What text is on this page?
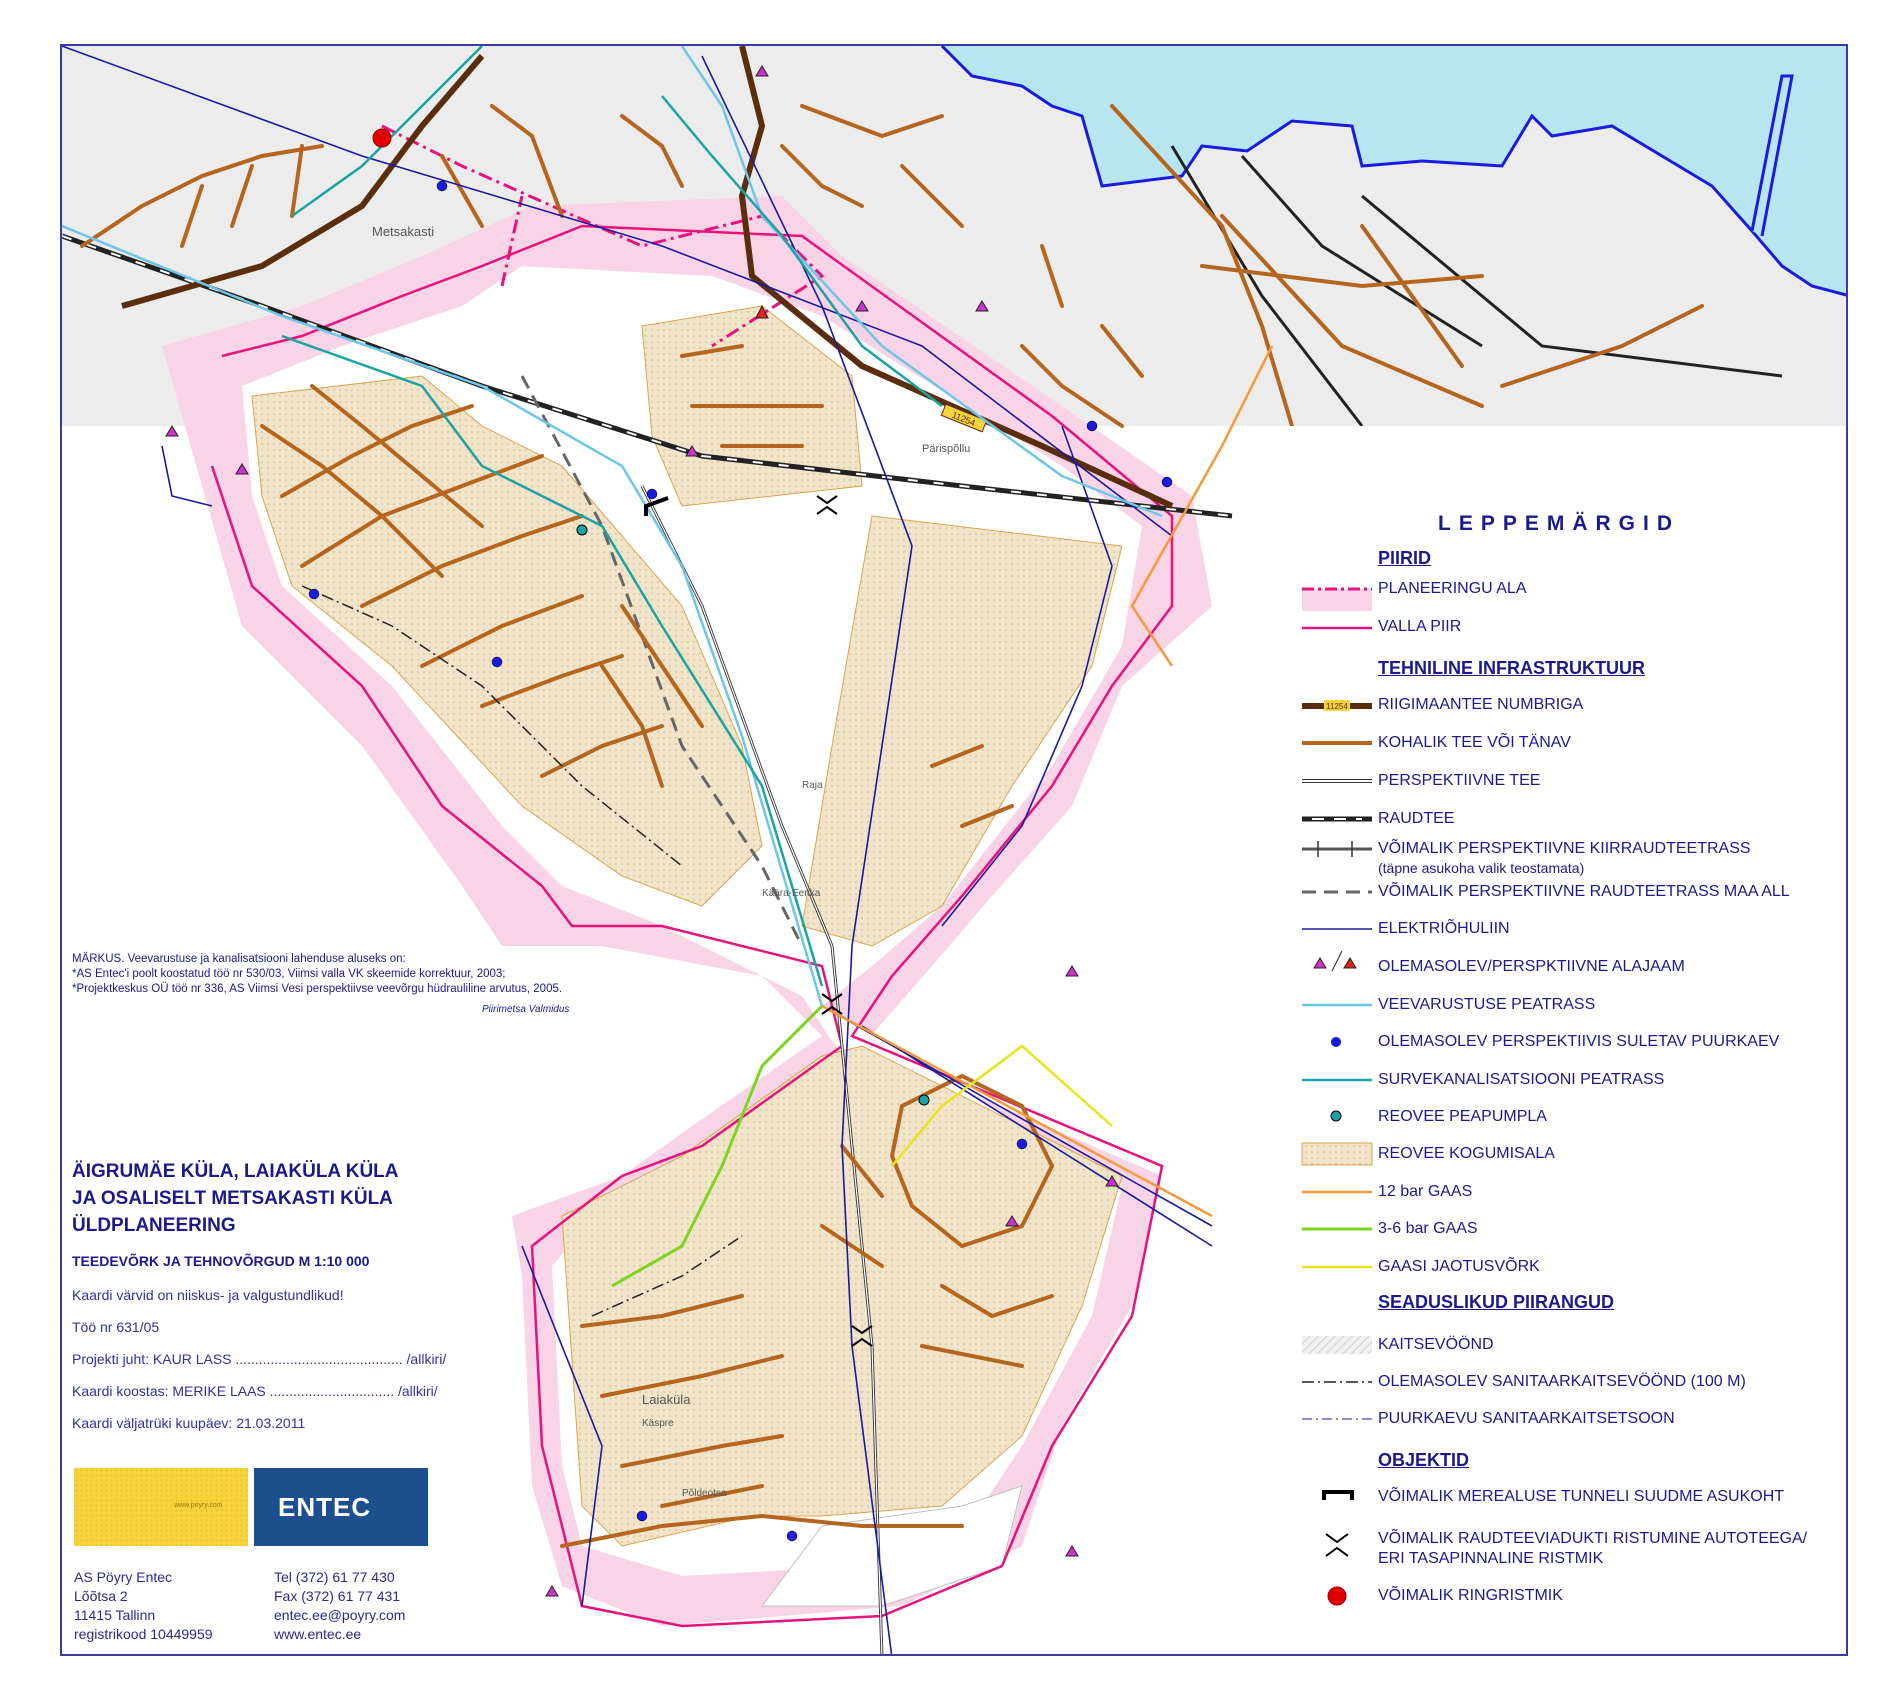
11254
Metsakasti
Pärispõllu
Laiaküla
Käära-Eerika
Raja
Käspre
Põldeotsa
11254
LEPPEMÄRGID
PIIRID
PLANEERINGU ALA
VALLA PIIR
TEHNILINE INFRASTRUKTUUR
RIIGIMAANTEE NUMBRIGA
KOHALIK TEE VÕI TÄNAV
PERSPEKTIIVNE TEE
RAUDTEE
VÕIMALIK PERSPEKTIIVNE KIIRRAUDTEETRASS
(täpne asukoha valik teostamata)
VÕIMALIK PERSPEKTIIVNE RAUDTEETRASS MAA ALL
ELEKTRIÕHULIIN
OLEMASOLEV/PERSPKTIIVNE ALAJAAM
VEEVARUSTUSE PEATRASS
OLEMASOLEV PERSPEKTIIVIS SULETAV PUURKAEV
SURVEKANALISATSIOONI PEATRASS
REOVEE PEAPUMPLA
REOVEE KOGUMISALA
12 bar GAAS
3-6 bar GAAS
GAASI JAOTUSVÕRK
SEADUSLIKUD PIIRANGUD
KAITSEVÖÖND
OLEMASOLEV SANITAARKAITSEVÖÖND (100 M)
PUURKAEVU SANITAARKAITSETSOON
OBJEKTID
VÕIMALIK MEREALUSE TUNNELI SUUDME ASUKOHT
VÕIMALIK RAUDTEEVIADUKTI RISTUMINE AUTOTEEGA/
ERI TASAPINNALINE RISTMIK
VÕIMALIK RINGRISTMIK
MÄRKUS. Veevarustuse ja kanalisatsiooni lahenduse aluseks on:
*AS Entec'i poolt koostatud töö nr 530/03, Viimsi valla VK skeemide korrektuur, 2003;
*Projektkeskus OÜ töö nr 336, AS Viimsi Vesi perspektiivse veevõrgu hüdrauliline arvutus, 2005.
Piirimetsa Valmidus
ÄIGRUMÄE KÜLA, LAIAKÜLA KÜLA
JA OSALISELT METSAKASTI KÜLA
ÜLDPLANEERING
TEEDEVÕRK JA TEHNOVÕRGUD M 1:10 000
Kaardi värvid on niiskus- ja valgustundlikud!
Töö nr 631/05
Projekti juht: KAUR LASS ........................................... /allkiri/
Kaardi koostas: MERIKE LAAS ................................ /allkiri/
Kaardi väljatrüki kuupäev: 21.03.2011
www.poyry.com ENTEC
AS Pöyry Entec
Lõõtsa 2
11415 Tallinn
registrikood 10449959
Tel (372) 61 77 430
Fax (372) 61 77 431
entec.ee@poyry.com
www.entec.ee
